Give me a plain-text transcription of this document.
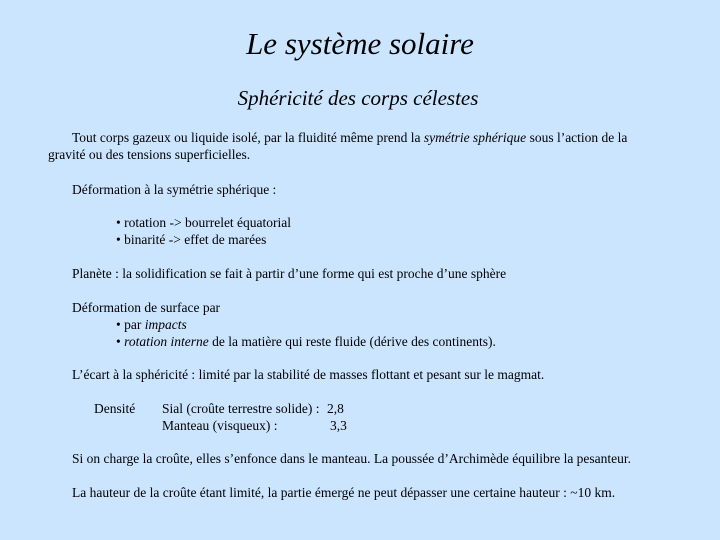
Le système solaire
Sphéricité des corps célestes
Tout corps gazeux ou liquide isolé, par la fluidité même prend la symétrie sphérique sous l’action de la gravité ou des tensions superficielles.
Déformation à la symétrie sphérique :
• rotation -> bourrelet équatorial
• binarité -> effet de marées
Planète : la solidification se fait à partir d’une forme qui est proche d’une sphère
Déformation de surface par
• par impacts
• rotation interne de la matière qui reste fluide (dérive des continents).
L’écart à la sphéricité : limité par la stabilité de masses flottant et pesant sur le magmat.
Densité Sial (croûte terrestre solide) : 2,8
Manteau (visqueux) :	3,3
Si on charge la croûte, elles s’enfonce dans le manteau. La poussée d’Archimède équilibre la pesanteur.
La hauteur de la croûte étant limité, la partie émergé ne peut dépasser une certaine hauteur : ~10 km.
